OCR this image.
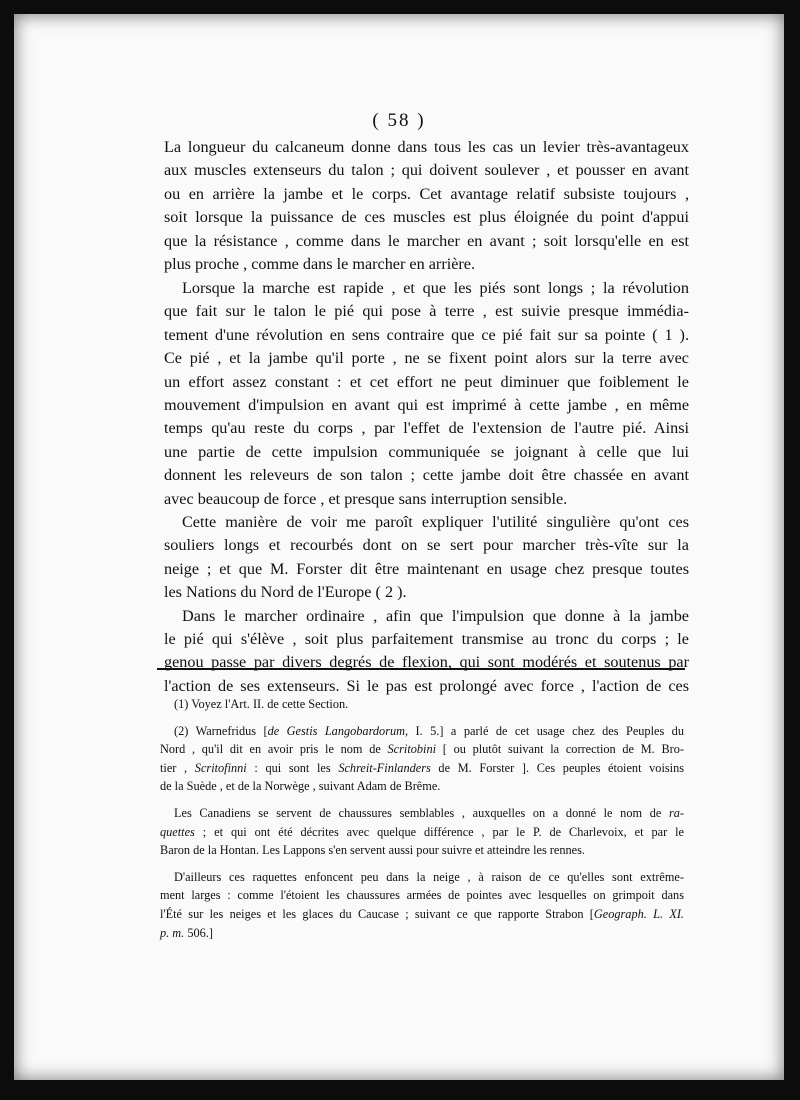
( 58 )
La longueur du calcaneum donne dans tous les cas un levier très-avantageux
aux muscles extenseurs du talon ; qui doivent soulever , et pousser en avant
ou en arrière la jambe et le corps. Cet avantage relatif subsiste toujours ,
soit lorsque la puissance de ces muscles est plus éloignée du point d'appui
que la résistance , comme dans le marcher en avant ; soit lorsqu'elle en est
plus proche , comme dans le marcher en arrière.
Lorsque la marche est rapide , et que les piés sont longs ; la révolution
que fait sur le talon le pié qui pose à terre , est suivie presque immédia-
tement d'une révolution en sens contraire que ce pié fait sur sa pointe ( 1 ).
Ce pié , et la jambe qu'il porte , ne se fixent point alors sur la terre avec
un effort assez constant : et cet effort ne peut diminuer que foiblement le
mouvement d'impulsion en avant qui est imprimé à cette jambe , en même
temps qu'au reste du corps , par l'effet de l'extension de l'autre pié. Ainsi
une partie de cette impulsion communiquée se joignant à celle que lui
donnent les releveurs de son talon ; cette jambe doit être chassée en avant
avec beaucoup de force , et presque sans interruption sensible.
Cette manière de voir me paroît expliquer l'utilité singulière qu'ont ces
souliers longs et recourbés dont on se sert pour marcher très-vîte sur la
neige ; et que M. Forster dit être maintenant en usage chez presque toutes
les Nations du Nord de l'Europe ( 2 ).
Dans le marcher ordinaire , afin que l'impulsion que donne à la jambe
le pié qui s'élève , soit plus parfaitement transmise au tronc du corps ; le
genou passe par divers degrés de flexion, qui sont modérés et soutenus par
l'action de ses extenseurs. Si le pas est prolongé avec force , l'action de ces
(1) Voyez l'Art. II. de cette Section.
(2) Warnefridus [de Gestis Langobardorum, I. 5.] a parlé de cet usage chez des Peuples du
Nord , qu'il dit en avoir pris le nom de Scritobini [ ou plutôt suivant la correction de M. Bro-
tier , Scritofinni : qui sont les Schreit-Finlanders de M. Forster ]. Ces peuples étoient voisins
de la Suède , et de la Norwège , suivant Adam de Brême.
Les Canadiens se servent de chaussures semblables , auxquelles on a donné le nom de ra-
quettes ; et qui ont été décrites avec quelque différence , par le P. de Charlevoix, et par le
Baron de la Hontan. Les Lappons s'en servent aussi pour suivre et atteindre les rennes.
D'ailleurs ces raquettes enfoncent peu dans la neige , à raison de ce qu'elles sont extrême-
ment larges : comme l'étoient les chaussures armées de pointes avec lesquelles on grimpoit dans
l'Été sur les neiges et les glaces du Caucase ; suivant ce que rapporte Strabon [Geograph. L. XI.
p. m. 506.]
